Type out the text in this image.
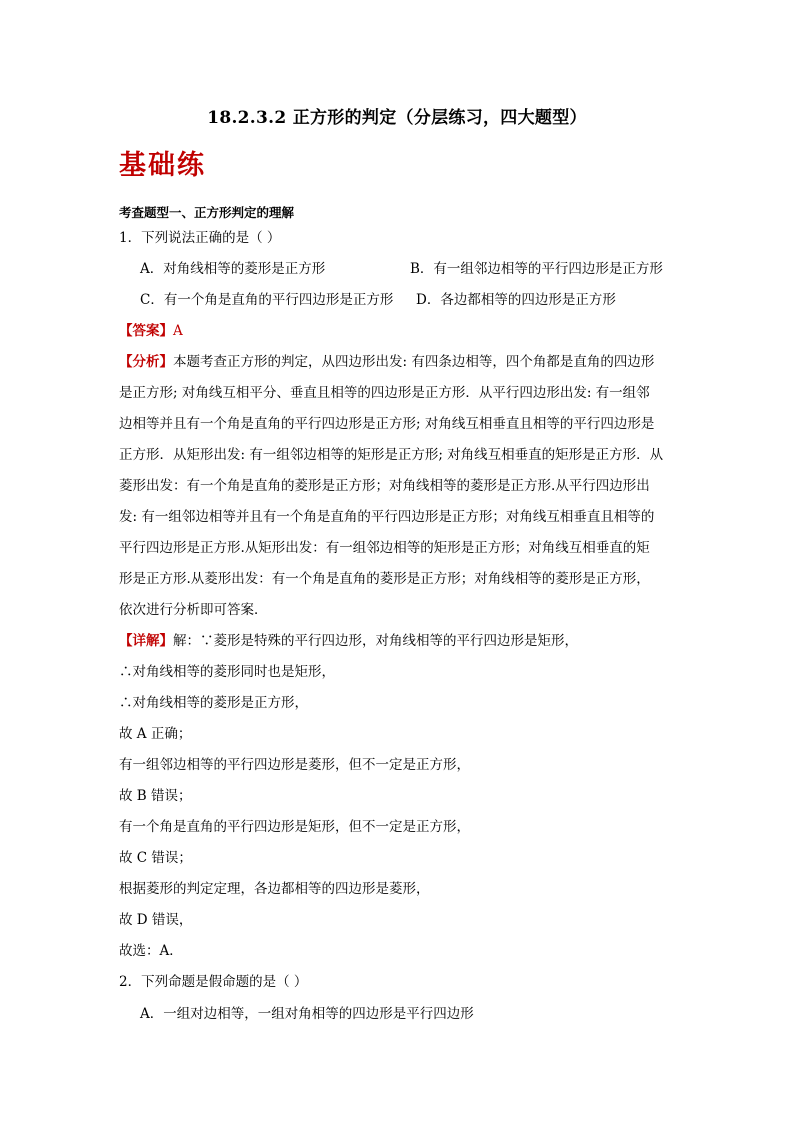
18.2.3.2 正方形的判定（分层练习，四大题型）
基础练
考查题型一、正方形判定的理解
1．下列说法正确的是（ ）
A．对角线相等的菱形是正方形	B．有一组邻边相等的平行四边形是正方形
C．有一个角是直角的平行四边形是正方形 D．各边都相等的四边形是正方形
【答案】A
【分析】本题考查正方形的判定，从四边形出发: 有四条边相等，四个角都是直角的四边形
是正方形; 对角线互相平分、垂直且相等的四边形是正方形．从平行四边形出发: 有一组邻
边相等并且有一个角是直角的平行四边形是正方形; 对角线互相垂直且相等的平行四边形是
正方形．从矩形出发: 有一组邻边相等的矩形是正方形; 对角线互相垂直的矩形是正方形．从
菱形出发：有一个角是直角的菱形是正方形；对角线相等的菱形是正方形.从平行四边形出
发: 有一组邻边相等并且有一个角是直角的平行四边形是正方形；对角线互相垂直且相等的
平行四边形是正方形.从矩形出发：有一组邻边相等的矩形是正方形；对角线互相垂直的矩
形是正方形.从菱形出发：有一个角是直角的菱形是正方形；对角线相等的菱形是正方形，
依次进行分析即可答案．
【详解】解：∵菱形是特殊的平行四边形，对角线相等的平行四边形是矩形，
∴对角线相等的菱形同时也是矩形，
∴对角线相等的菱形是正方形，
故 A 正确；
有一组邻边相等的平行四边形是菱形，但不一定是正方形，
故 B 错误；
有一个角是直角的平行四边形是矩形，但不一定是正方形，
故 C 错误；
根据菱形的判定定理，各边都相等的四边形是菱形，
故 D 错误，
故选：A．
2．下列命题是假命题的是（ ）
A．一组对边相等，一组对角相等的四边形是平行四边形
